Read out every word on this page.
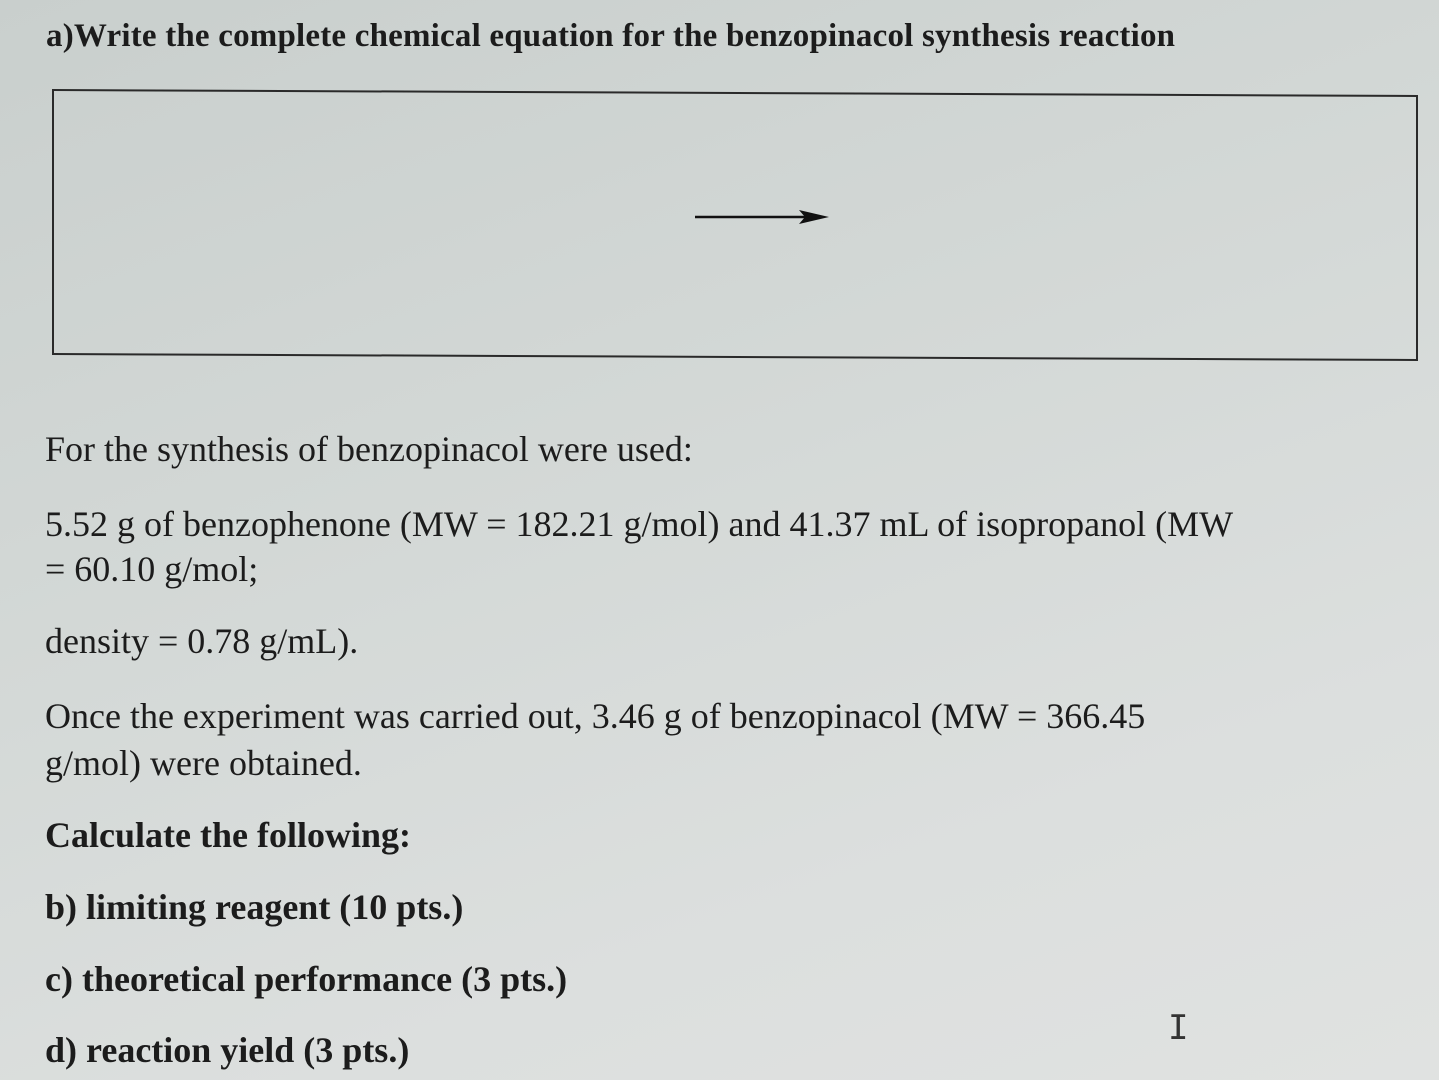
a)Write the complete chemical equation for the benzopinacol synthesis reaction
For the synthesis of benzopinacol were used:
5.52 g of benzophenone (MW = 182.21 g/mol) and 41.37 mL of isopropanol (MW
= 60.10 g/mol;
density = 0.78 g/mL).
Once the experiment was carried out, 3.46 g of benzopinacol (MW = 366.45
g/mol) were obtained.
Calculate the following:
b) limiting reagent (10 pts.)
c) theoretical performance (3 pts.)
d) reaction yield (3 pts.)
I
